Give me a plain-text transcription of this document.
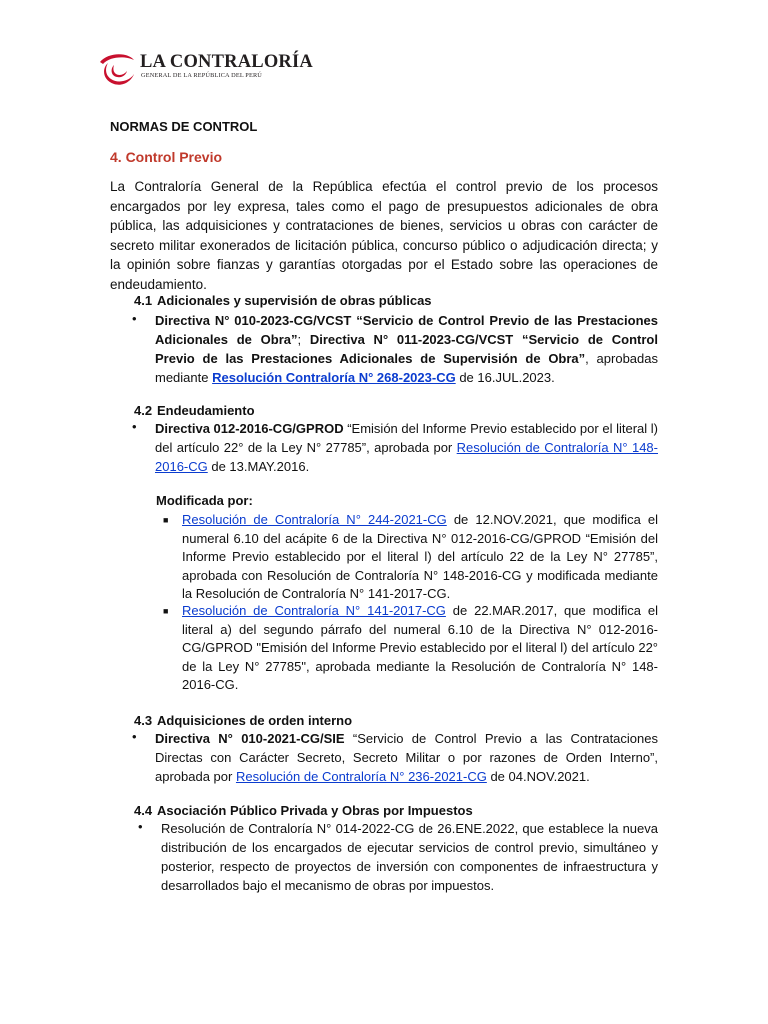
LA CONTRALORÍA
GENERAL DE LA REPÚBLICA DEL PERÚ
NORMAS DE CONTROL
4. Control Previo
La Contraloría General de la República efectúa el control previo de los procesos encargados por ley expresa, tales como el pago de presupuestos adicionales de obra pública, las adquisiciones y contrataciones de bienes, servicios u obras con carácter de secreto militar exonerados de licitación pública, concurso público o adjudicación directa; y la opinión sobre fianzas y garantías otorgadas por el Estado sobre las operaciones de endeudamiento.
4.1 Adicionales y supervisión de obras públicas
• Directiva N° 010-2023-CG/VCST “Servicio de Control Previo de las Prestaciones Adicionales de Obra”; Directiva N° 011-2023-CG/VCST “Servicio de Control Previo de las Prestaciones Adicionales de Supervisión de Obra”, aprobadas mediante Resolución Contraloría N° 268-2023-CG de 16.JUL.2023.
4.2 Endeudamiento
• Directiva 012-2016-CG/GPROD “Emisión del Informe Previo establecido por el literal l) del artículo 22° de la Ley N° 27785”, aprobada por Resolución de Contraloría N° 148-2016-CG de 13.MAY.2016.
Modificada por:
■ Resolución de Contraloría N° 244-2021-CG de 12.NOV.2021, que modifica el numeral 6.10 del acápite 6 de la Directiva N° 012-2016-CG/GPROD “Emisión del Informe Previo establecido por el literal l) del artículo 22 de la Ley N° 27785”, aprobada con Resolución de Contraloría N° 148-2016-CG y modificada mediante la Resolución de Contraloría N° 141-2017-CG.
■ Resolución de Contraloría N° 141-2017-CG de 22.MAR.2017, que modifica el literal a) del segundo párrafo del numeral 6.10 de la Directiva N° 012-2016-CG/GPROD "Emisión del Informe Previo establecido por el literal l) del artículo 22° de la Ley N° 27785", aprobada mediante la Resolución de Contraloría N° 148-2016-CG.
4.3 Adquisiciones de orden interno
• Directiva N° 010-2021-CG/SIE “Servicio de Control Previo a las Contrataciones Directas con Carácter Secreto, Secreto Militar o por razones de Orden Interno”, aprobada por Resolución de Contraloría N° 236-2021-CG de 04.NOV.2021.
4.4 Asociación Público Privada y Obras por Impuestos
• Resolución de Contraloría N° 014-2022-CG de 26.ENE.2022, que establece la nueva distribución de los encargados de ejecutar servicios de control previo, simultáneo y posterior, respecto de proyectos de inversión con componentes de infraestructura y desarrollados bajo el mecanismo de obras por impuestos.
